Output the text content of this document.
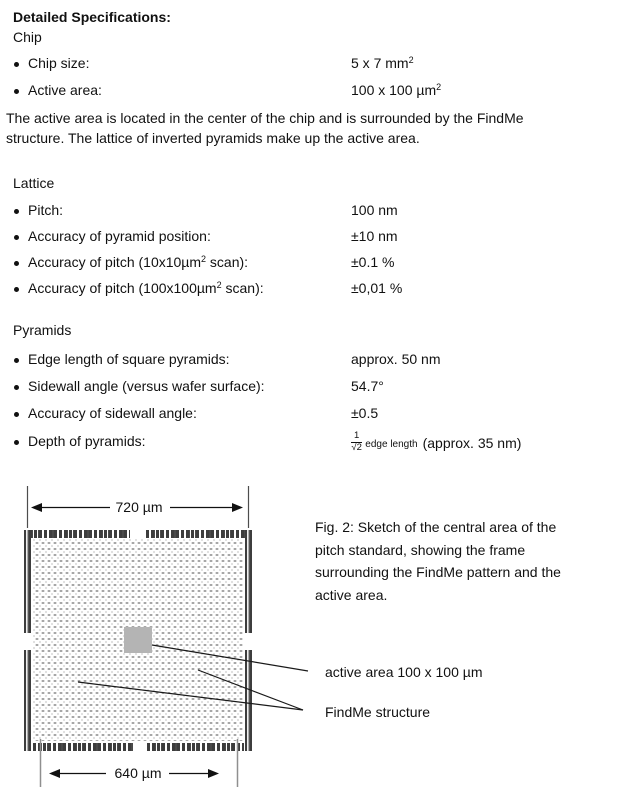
Detailed Specifications:
Chip
Chip size:	5 x 7 $mm^2$
Active area:	100 x 100 µm$^2$
The active area is located in the center of the chip and is surrounded by the FindMe
structure. The lattice of inverted pyramids make up the active area.
Lattice
Pitch:	100 nm
Accuracy of pyramid position:	±10 nm
Accuracy of pitch (10x10µm$^2$ scan):	±0.1 %
Accuracy of pitch (100x100µm$^2$ scan):	±0,01 %
Pyramids
Edge length of square pyramids:	approx. 50 nm
Sidewall angle (versus wafer surface):	54.7°
Accuracy of sidewall angle:	±0.5
Depth of pyramids:	$\frac{1}{√2}$ edge length (approx. 35 nm)
720 µm
640 µm
Fig. 2: Sketch of the central area of the
pitch standard, showing the frame
surrounding the FindMe pattern and the
active area.
active area 100 x 100 µm
FindMe structure
